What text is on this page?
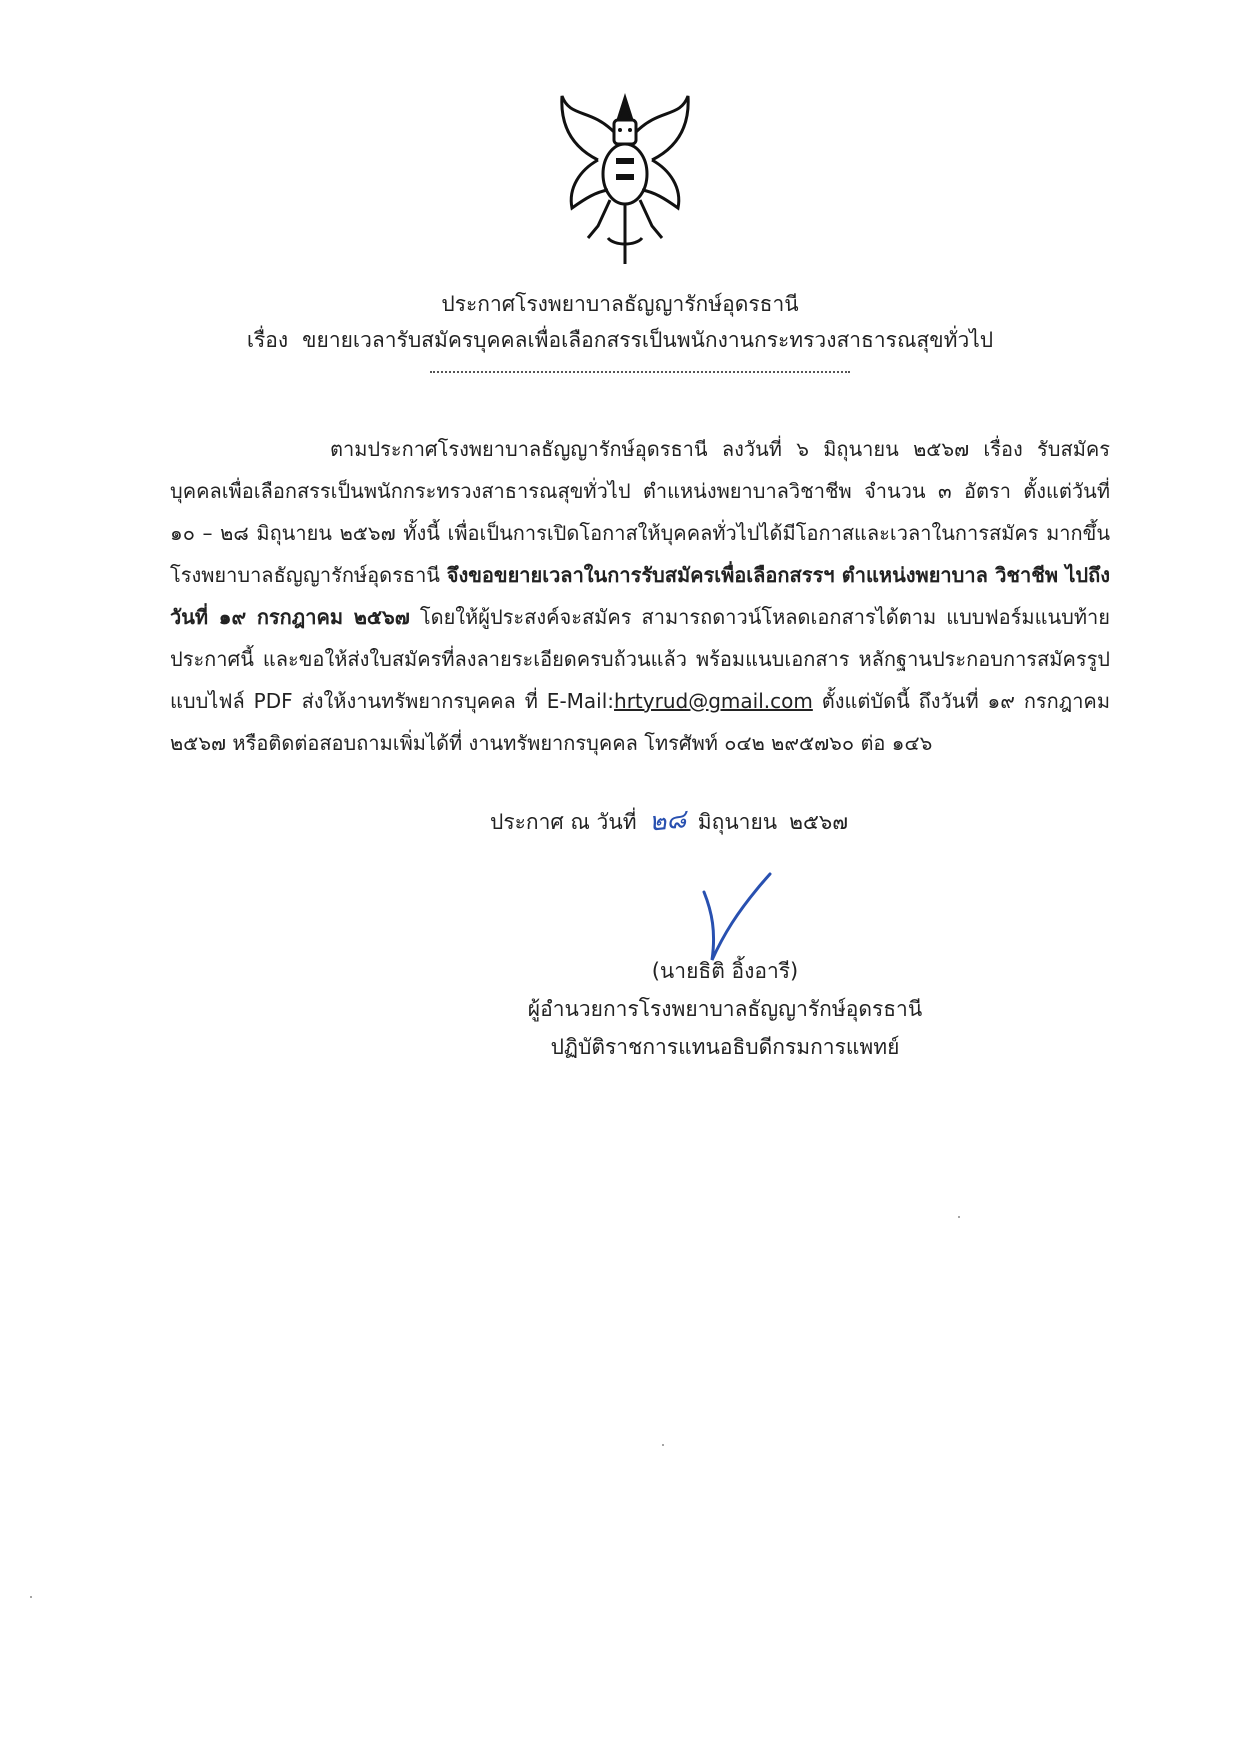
ประกาศโรงพยาบาลธัญญารักษ์อุดรธานี
เรื่อง ขยายเวลารับสมัครบุคคลเพื่อเลือกสรรเป็นพนักงานกระทรวงสาธารณสุขทั่วไป
ตามประกาศโรงพยาบาลธัญญารักษ์อุดรธานี ลงวันที่ ๖ มิถุนายน ๒๕๖๗ เรื่อง รับสมัคร บุคคลเพื่อเลือกสรรเป็นพนักกระทรวงสาธารณสุขทั่วไป ตำแหน่งพยาบาลวิชาชีพ จำนวน ๓ อัตรา ตั้งแต่วันที่ ๑๐ – ๒๘ มิถุนายน ๒๕๖๗ ทั้งนี้ เพื่อเป็นการเปิดโอกาสให้บุคคลทั่วไปได้มีโอกาสและเวลาในการสมัคร มากขึ้น โรงพยาบาลธัญญารักษ์อุดรธานี จึงขอขยายเวลาในการรับสมัครเพื่อเลือกสรรฯ ตำแหน่งพยาบาล วิชาชีพ ไปถึงวันที่ ๑๙ กรกฎาคม ๒๕๖๗ โดยให้ผู้ประสงค์จะสมัคร สามารถดาวน์โหลดเอกสารได้ตาม แบบฟอร์มแนบท้ายประกาศนี้ และขอให้ส่งใบสมัครที่ลงลายระเอียดครบถ้วนแล้ว พร้อมแนบเอกสาร หลักฐานประกอบการสมัครรูปแบบไฟล์ PDF ส่งให้งานทรัพยากรบุคคล ที่ E-Mail:hrtyrud@gmail.com ตั้งแต่บัดนี้ ถึงวันที่ ๑๙ กรกฎาคม ๒๕๖๗ หรือติดต่อสอบถามเพิ่มได้ที่ งานทรัพยากรบุคคล โทรศัพท์ ๐๔๒ ๒๙๕๗๖๐ ต่อ ๑๔๖
ประกาศ ณ วันที่ ๒๘ มิถุนายน ๒๕๖๗
(นายธิติ อิ้งอารี)
ผู้อำนวยการโรงพยาบาลธัญญารักษ์อุดรธานี
ปฏิบัติราชการแทนอธิบดีกรมการแพทย์
